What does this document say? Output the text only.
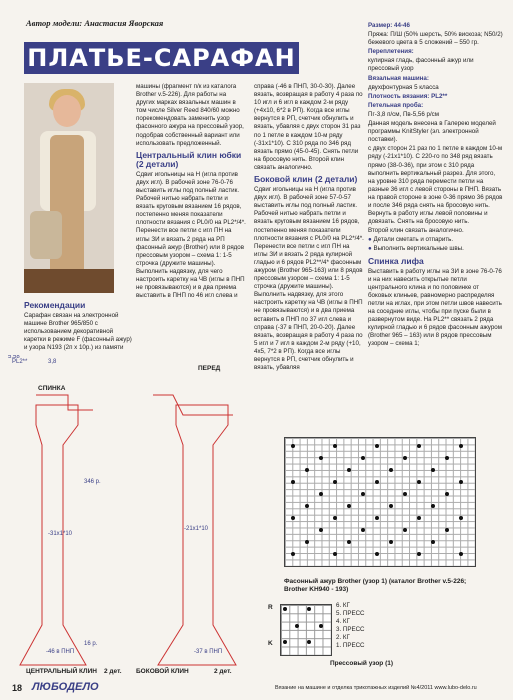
Автор модели: Анастасия Яворская
ПЛАТЬЕ-САРАФАН
Рекомендации

Сарафан связан на электронной машине Brother 965/850 с использованием декоративной каретки в режиме F (фасонный ажур) и узора N193 (2п х 10р.) из памяти

машины (фрагмент п/к из каталога Brother v.5-226). Для работы на других марках вязальных машин в том числе Silver Reed 840/60 можно порекомендовать заменить узор фасонного ажура на прессовый узор, подобрав собственный вариант или использовать предложенный.

Центральный клин юбки (2 детали)

Сдвиг игольницы на Н (игла против двух игл). В рабочей зоне 76-0-76 выставить иглы под полный ластик. Рабочей нитью набрать петли и вязать круговым вязанием 16 рядов, постепенно меняя показатели плотности вязания с PL0/0 на PL2*/4*. Перенести все петли с игл ПН на иглы ЗИ и вязать 2 ряда на РП фасонный ажур (Brother) или 8 рядов прессовым узором – схема 1: 1-5 строчка (дружите машины). Выполнить надвязку, для чего настроить каретку на ЧВ (иглы в ПНП не провязываются) и в два приема выставить в ПНП по 46 игл слева и

справа (-46 в ПНП, 30-0-30). Далее вязать, возвращая в работу 4 раза по 10 игл и 6 игл в каждом 2-м ряду (+4х10, 6*2 в РП). Когда все иглы вернутся в РП, счетчик обнулить и вязать, убавляя с двух сторон 31 раз по 1 петле в каждом 10-м ряду (-31х1*10). С 310 ряда по 346 ряд вязать прямо (45-0-45). Снять петли на бросовую нить. Второй клин связать аналогично.

Боковой клин (2 детали)

Сдвиг игольницы на Н (игла против двух игл). В рабочей зоне 57-0-57 выставить иглы под полный ластик. Рабочей нитью набрать петли и вязать круговым вязанием 16 рядов, постепенно меняя показатели плотности вязания с PL0/0 на PL2*/4*. Перенести все петли с игл ПН на иглы ЗИ и вязать 2 ряда кулирной гладью и 6 рядов PL2**/4* фасонным ажуром (Brother 965-163) или 8 рядов прессовым узором – схема 1: 1-5 строчка (дружите машины). Выполнить надвязку, для этого настроить каретку на ЧВ (иглы в ПНП не провязываются) и в два приема вставить в ПНП по 37 игл слева и справа (-37 в ПНП, 20-0-20). Далее вязать, возвращая в работу 4 раза по 5 игл и 7 игл в каждом 2-м ряду (+10, 4х5, 7*2 в РП). Когда все иглы вернутся в РП, счетчик обнулить и вязать, убавляя

Размер: 44-46

Пряжа: П/Ш (50% шерсть, 50% вискоза; N50/2) бежевого цвета в 5 сложений – 550 гр.

Переплетения:

кулирная гладь, фасонный ажур или прессовый узор

Вязальная машина:

двухфонтурная 5 класса

Плотность вязания: PL2**

Петельная проба:

Пг-3,8 п/см, Пв-5,56 р/см

Данная модель внесена в Галерею моделей программы KnitStyler (эл. электронной поставки).

с двух сторон 21 раз по 1 петле в каждом 10-м ряду (-21х1*10). С 220-го по 348 ряд вязать прямо (38-0-36), при этом с 310 ряда выполнить вертикальный разрез. Для этого, на уровне 310 ряда перемести петли на разные 36 игл с левой стороны в ПНП. Вязать на правой стороне в зоне 0-36 прямо 36 рядов и после 346 ряда снять на бросовую нить. Вернуть в работу иглы левой половины и довязать. Снять на бросовую нить.

Второй клин связать аналогично.

● Детали сметать и отпарить.

● Выполнить вертикальные швы.

Спинка лифа

Выставить в работу иглы на ЗИ в зоне 76-0-76 и на них навесить открытые петли центрального клина и по половинке от боковых клиньев, равномерно распределяя петли на иглах, при этом петли швов навесить на соседние иглы, чтобы при пуске были в развернутом виде. На PL2** связать 2 ряда кулирной гладью и 6 рядов фасонным ажуром (Brother 965 – 163) или 8 рядов прессовым узором – схема 1;

PL2**
5,58
3,8
-31х1*10
-21х1*10
-46 в ПНП	-37 в ПНП
346 р.
16 р.
СПИНКА
ПЕРЕД
ЦЕНТРАЛЬНЫЙ КЛИН 2 дет. БОКОВОЙ КЛИН	2 дет.
Фасонный ажур Brother (узор 1) (каталог Brother v.5-226; Brother KH940 - 193)
R
K
6. КГ
5. ПРЕСС
4. КГ
3. ПРЕСС
2. КГ
1. ПРЕСС
Прессовый узор (1)
18 ЛЮБОДЕЛО	Вязание на машине и отделка трикотажных изделий №4/2011 www.lubo-delo.ru
